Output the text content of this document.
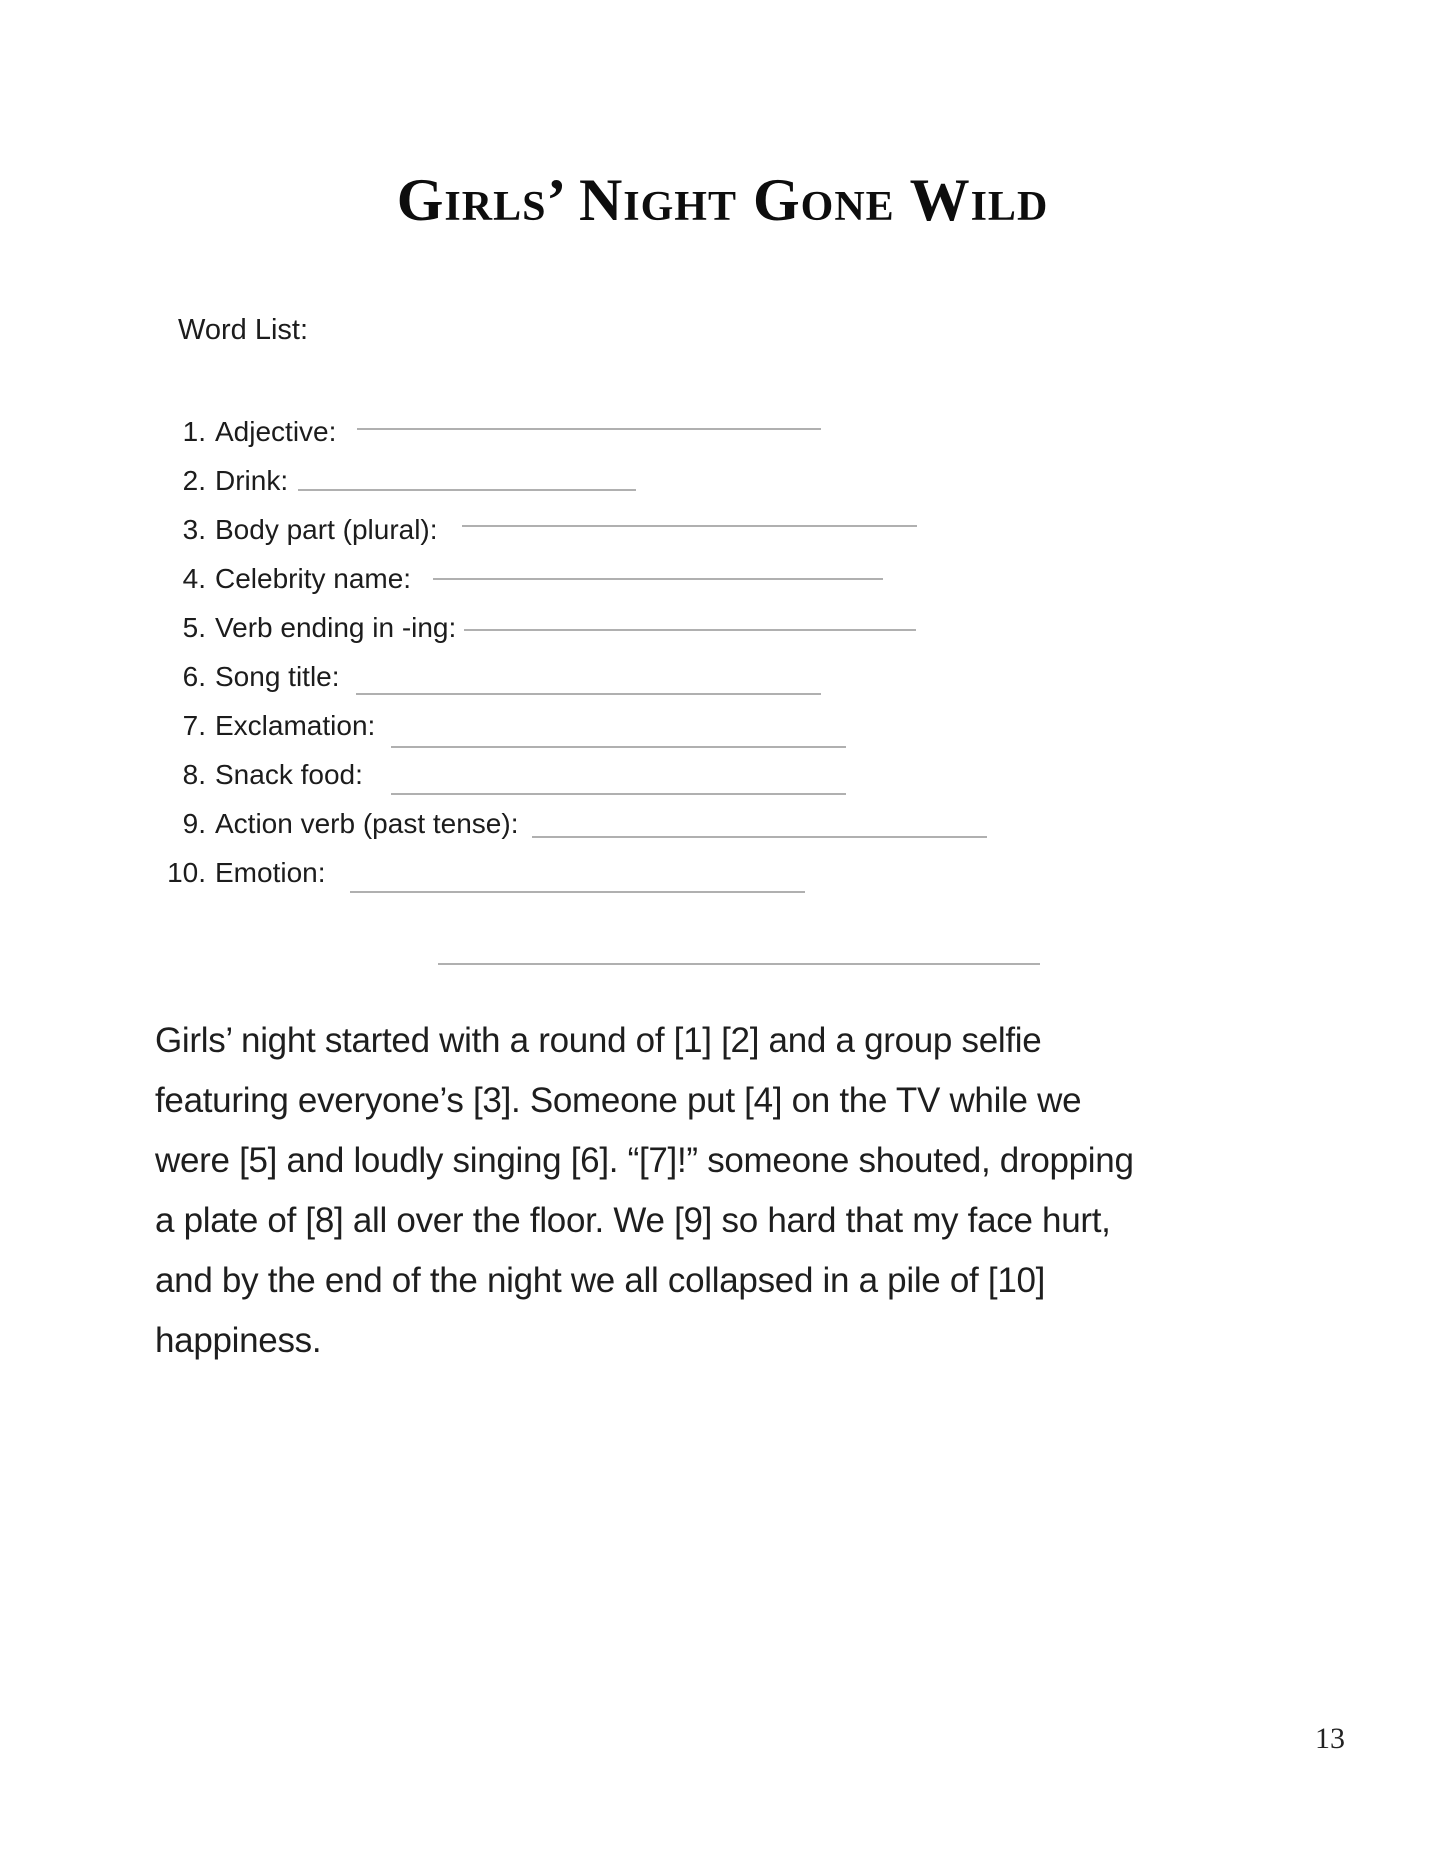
Girls’ Night Gone Wild
Word List:
1. Adjective:
2. Drink:
3. Body part (plural):
4. Celebrity name:
5. Verb ending in -ing:
6. Song title:
7. Exclamation:
8. Snack food:
9. Action verb (past tense):
10. Emotion:
Girls’ night started with a round of [1] [2] and a group selfie
featuring everyone’s [3]. Someone put [4] on the TV while we
were [5] and loudly singing [6]. “[7]!” someone shouted, dropping
a plate of [8] all over the floor. We [9] so hard that my face hurt,
and by the end of the night we all collapsed in a pile of [10]
happiness.
13
